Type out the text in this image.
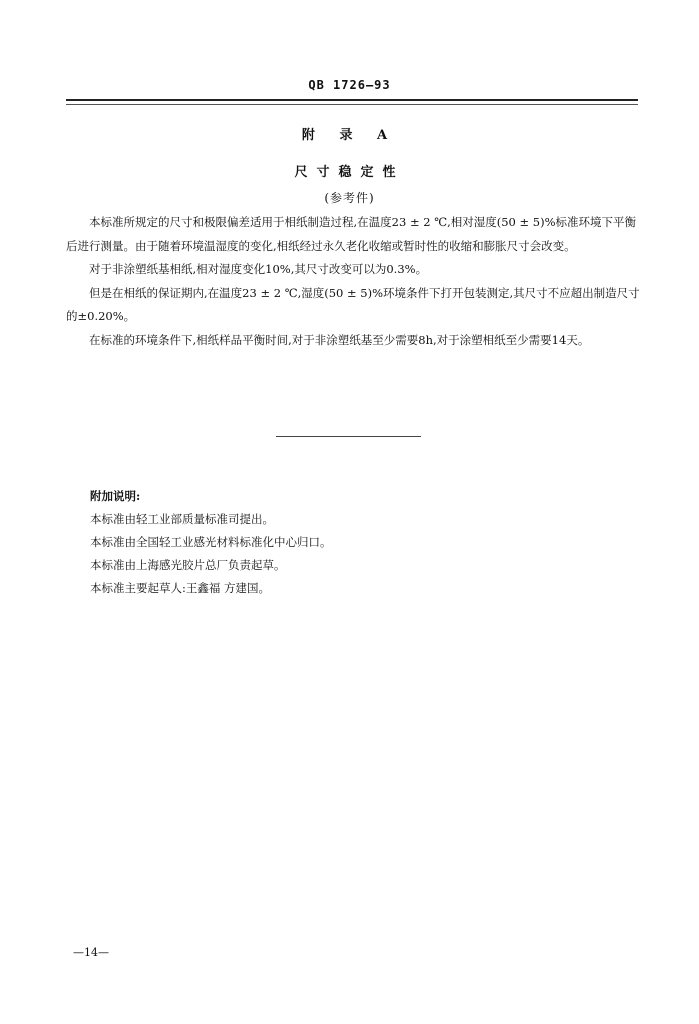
QB 1726—93
附 录 A
尺寸稳定性
(参考件)

本标准所规定的尺寸和极限偏差适用于相纸制造过程,在温度23 ± 2 ℃,相对湿度(50 ± 5)%标准环境下平衡后进行测量。由于随着环境温湿度的变化,相纸经过永久老化收缩或暂时性的收缩和膨胀尺寸会改变。

对于非涂塑纸基相纸,相对湿度变化10%,其尺寸改变可以为0.3%。

但是在相纸的保证期内,在温度23 ± 2 ℃,湿度(50 ± 5)%环境条件下打开包装测定,其尺寸不应超出制造尺寸的±0.20%。

在标准的环境条件下,相纸样品平衡时间,对于非涂塑纸基至少需要8h,对于涂塑相纸至少需要14天。

附加说明:
本标准由轻工业部质量标准司提出。
本标准由全国轻工业感光材料标准化中心归口。
本标准由上海感光胶片总厂负责起草。
本标准主要起草人:王鑫福 方建国。
—14—
